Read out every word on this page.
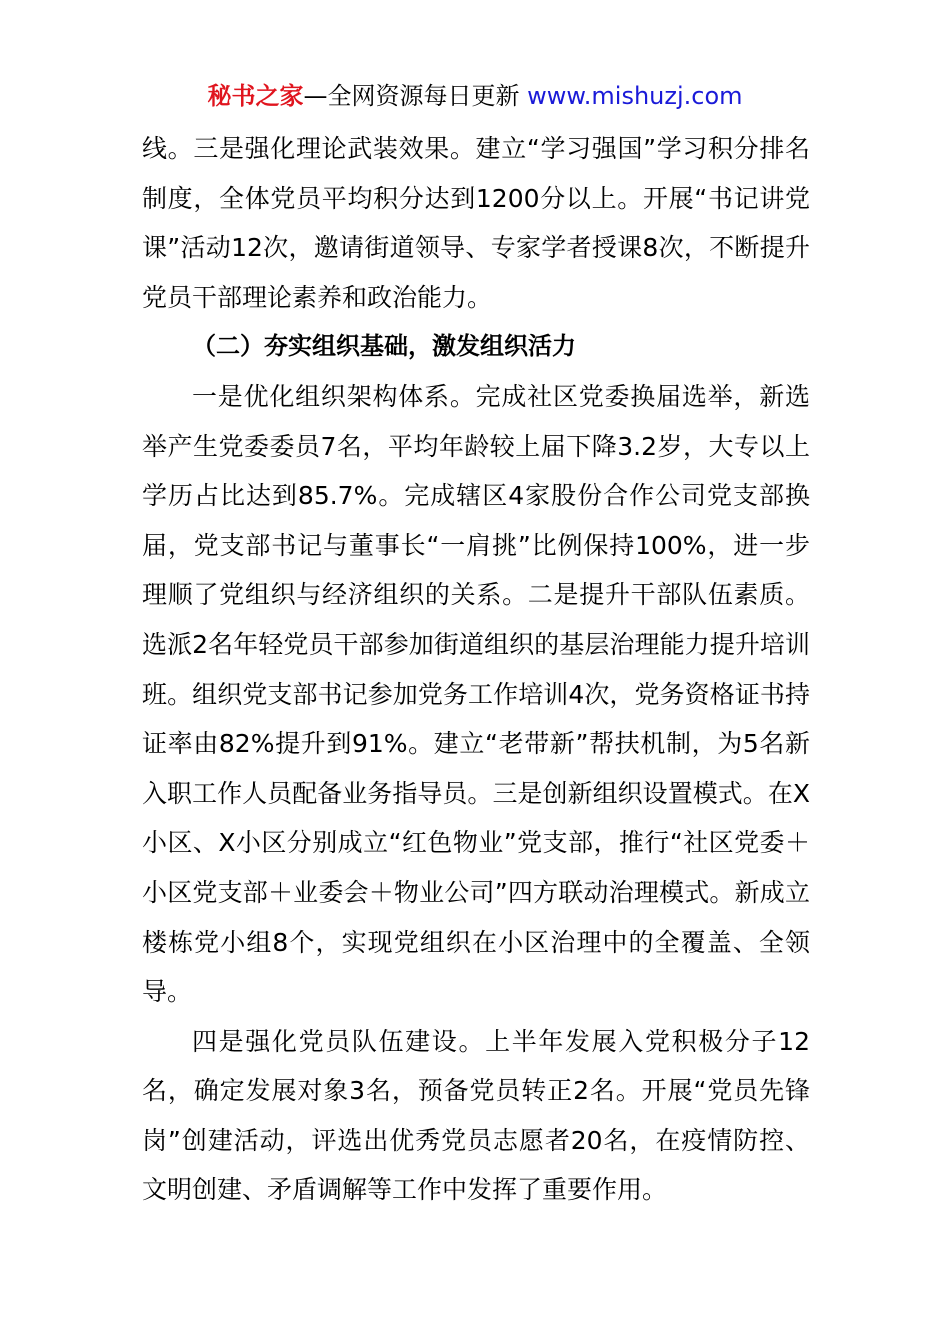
秘书之家—全网资源每日更新 www.mishuzj.com

线。三是强化理论武装效果。建立“学习强国”学习积分排名制度，全体党员平均积分达到1200分以上。开展“书记讲党课”活动12次，邀请街道领导、专家学者授课8次，不断提升党员干部理论素养和政治能力。

（二）夯实组织基础，激发组织活力

一是优化组织架构体系。完成社区党委换届选举，新选举产生党委委员7名，平均年龄较上届下降3.2岁，大专以上学历占比达到85.7%。完成辖区4家股份合作公司党支部换届，党支部书记与董事长“一肩挑”比例保持100%，进一步理顺了党组织与经济组织的关系。二是提升干部队伍素质。选派2名年轻党员干部参加街道组织的基层治理能力提升培训班。组织党支部书记参加党务工作培训4次，党务资格证书持证率由82%提升到91%。建立“老带新”帮扶机制，为5名新入职工作人员配备业务指导员。三是创新组织设置模式。在X小区、X小区分别成立“红色物业”党支部，推行“社区党委＋小区党支部＋业委会＋物业公司”四方联动治理模式。新成立楼栋党小组8个，实现党组织在小区治理中的全覆盖、全领导。

四是强化党员队伍建设。上半年发展入党积极分子12名，确定发展对象3名，预备党员转正2名。开展“党员先锋岗”创建活动，评选出优秀党员志愿者20名，在疫情防控、文明创建、矛盾调解等工作中发挥了重要作用。
